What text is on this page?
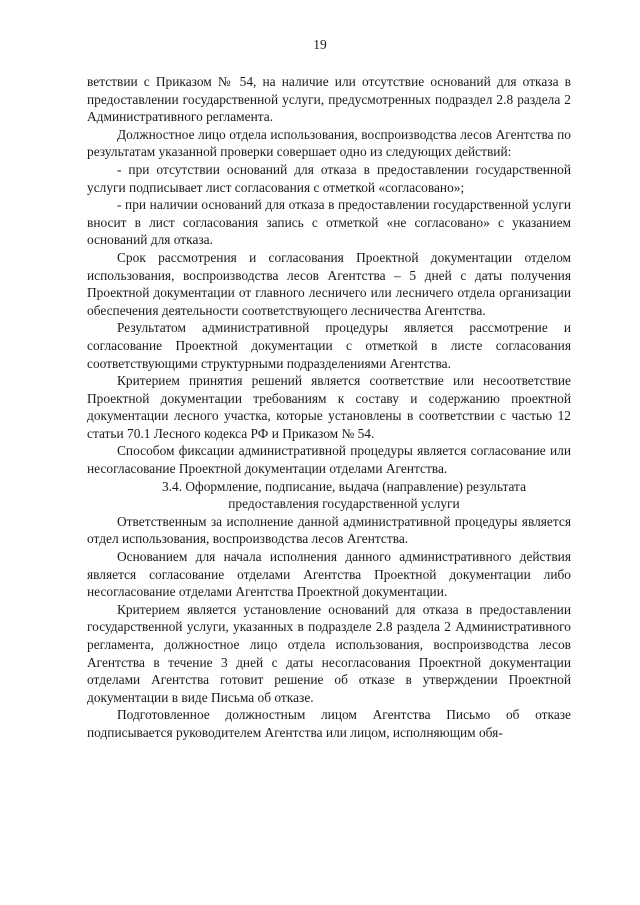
19

ветствии с Приказом № 54, на наличие или отсутствие оснований для отказа в предоставлении государственной услуги, предусмотренных подраздел 2.8 раздела 2 Административного регламента.

Должностное лицо отдела использования, воспроизводства лесов Агентства по результатам указанной проверки совершает одно из следующих действий:

- при отсутствии оснований для отказа в предоставлении государственной услуги подписывает лист согласования с отметкой «согласовано»;

- при наличии оснований для отказа в предоставлении государственной услуги вносит в лист согласования запись с отметкой «не согласовано» с указанием оснований для отказа.

Срок рассмотрения и согласования Проектной документации отделом использования, воспроизводства лесов Агентства – 5 дней с даты получения Проектной документации от главного лесничего или лесничего отдела организации обеспечения деятельности соответствующего лесничества Агентства.

Результатом административной процедуры является рассмотрение и согласование Проектной документации с отметкой в листе согласования соответствующими структурными подразделениями Агентства.

Критерием принятия решений является соответствие или несоответствие Проектной документации требованиям к составу и содержанию проектной документации лесного участка, которые установлены в соответствии с частью 12 статьи 70.1 Лесного кодекса РФ и Приказом № 54.

Способом фиксации административной процедуры является согласование или несогласование Проектной документации отделами Агентства.

3.4. Оформление, подписание, выдача (направление) результата
предоставления государственной услуги

Ответственным за исполнение данной административной процедуры является отдел использования, воспроизводства лесов Агентства.

Основанием для начала исполнения данного административного действия является согласование отделами Агентства Проектной документации либо несогласование отделами Агентства Проектной документации.

Критерием является установление оснований для отказа в предоставлении государственной услуги, указанных в подразделе 2.8 раздела 2 Административного регламента, должностное лицо отдела использования, воспроизводства лесов Агентства в течение 3 дней с даты несогласования Проектной документации отделами Агентства готовит решение об отказе в утверждении Проектной документации в виде Письма об отказе.

Подготовленное должностным лицом Агентства Письмо об отказе подписывается руководителем Агентства или лицом, исполняющим обя-
